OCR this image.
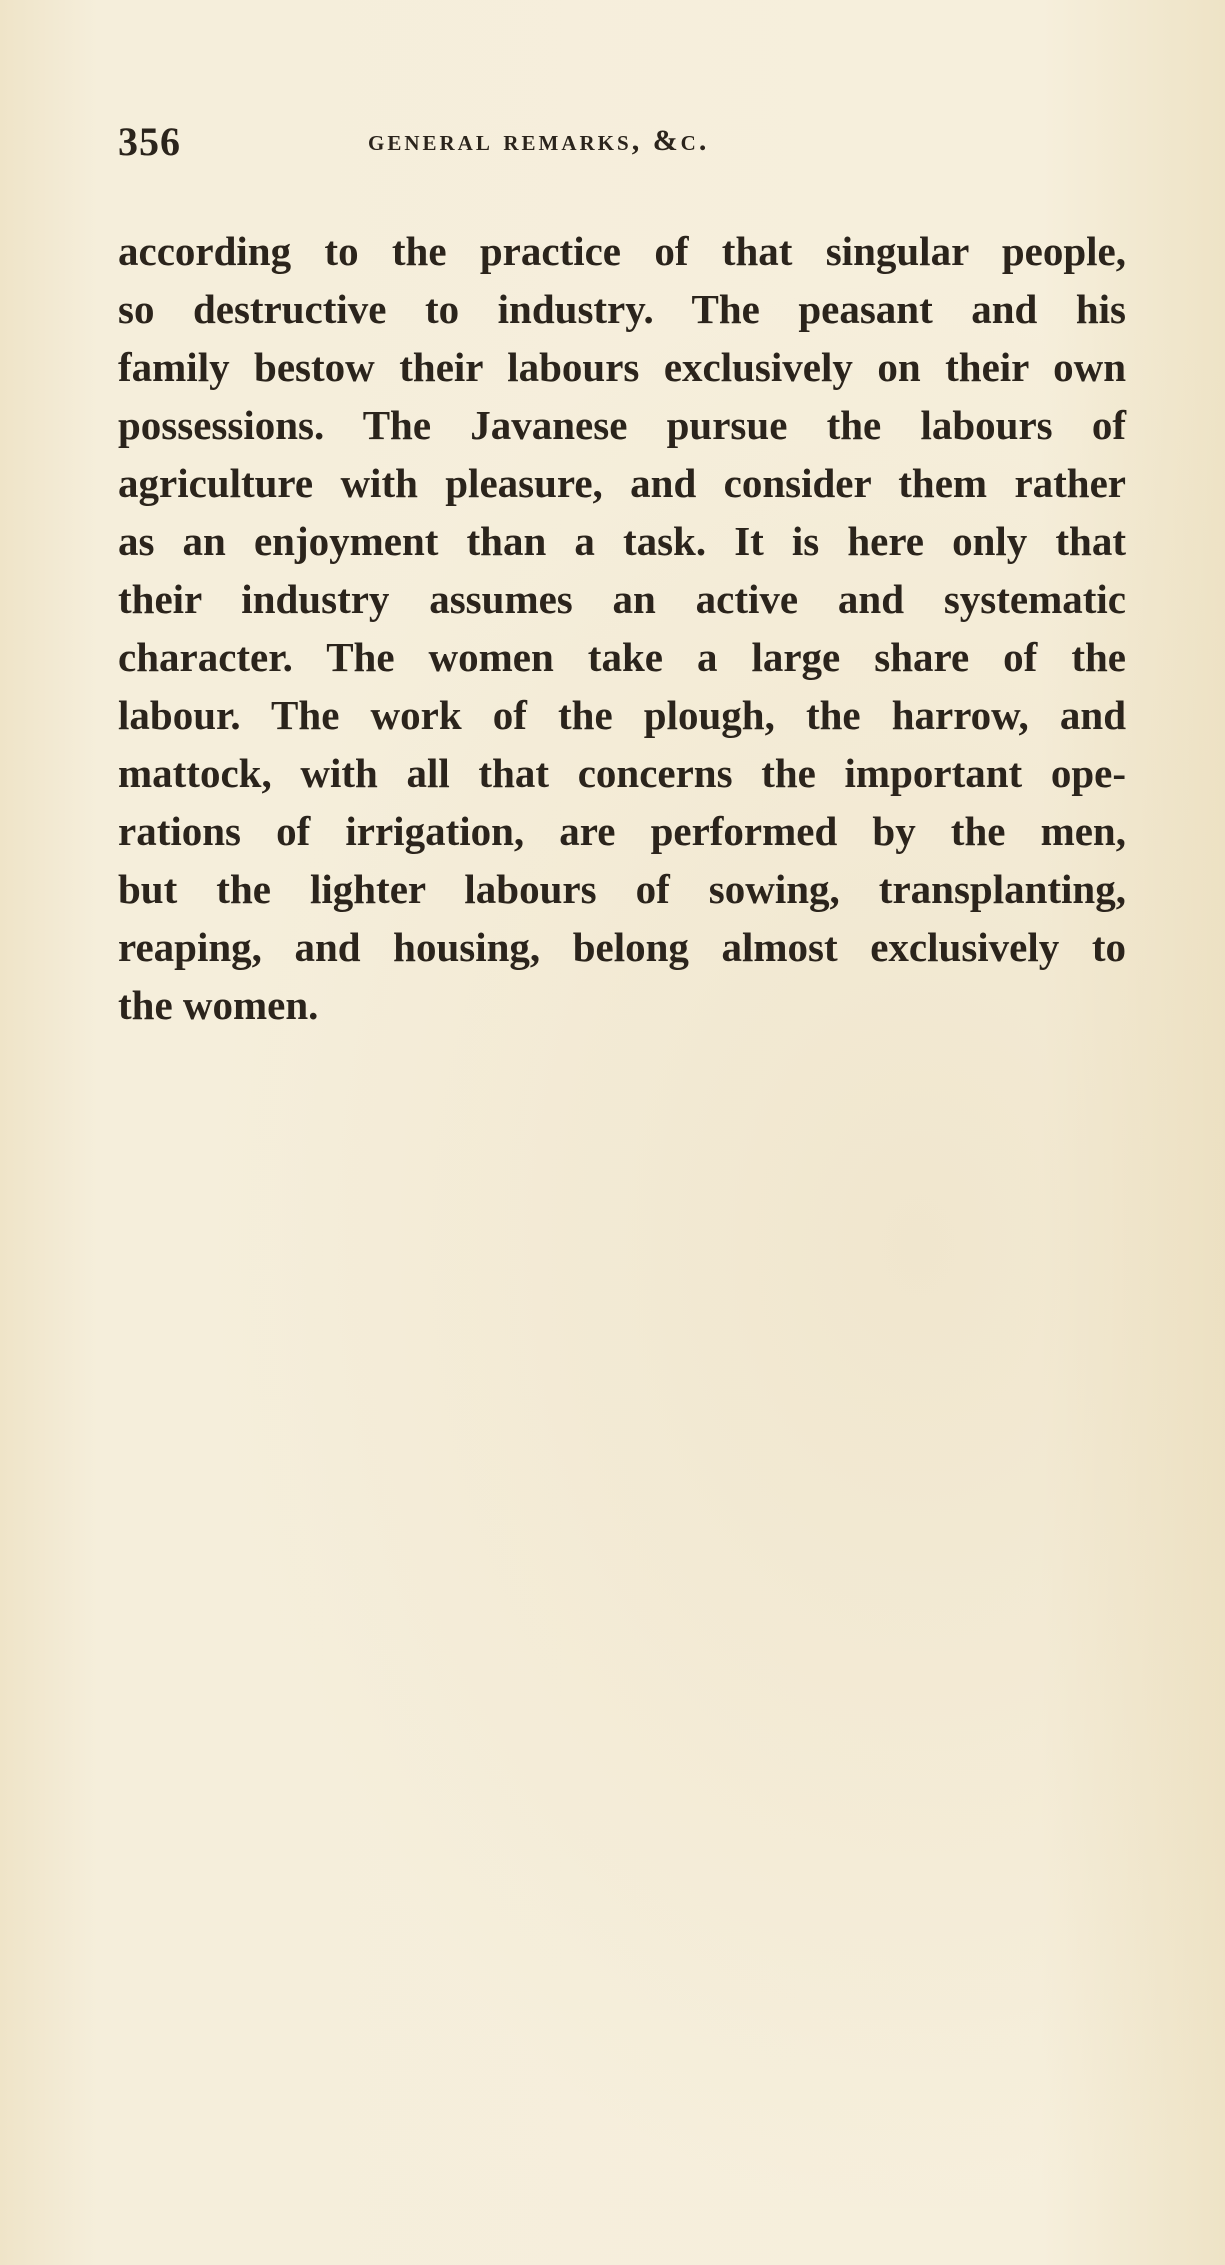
356	general remarks, &c.
according to the practice of that singular people,
so destructive to industry. The peasant and his
family bestow their labours exclusively on their own
possessions. The Javanese pursue the labours of
agriculture with pleasure, and consider them rather
as an enjoyment than a task. It is here only that
their industry assumes an active and systematic
character. The women take a large share of the
labour. The work of the plough, the harrow, and
mattock, with all that concerns the important ope-
rations of irrigation, are performed by the men,
but the lighter labours of sowing, transplanting,
reaping, and housing, belong almost exclusively to
the women.
